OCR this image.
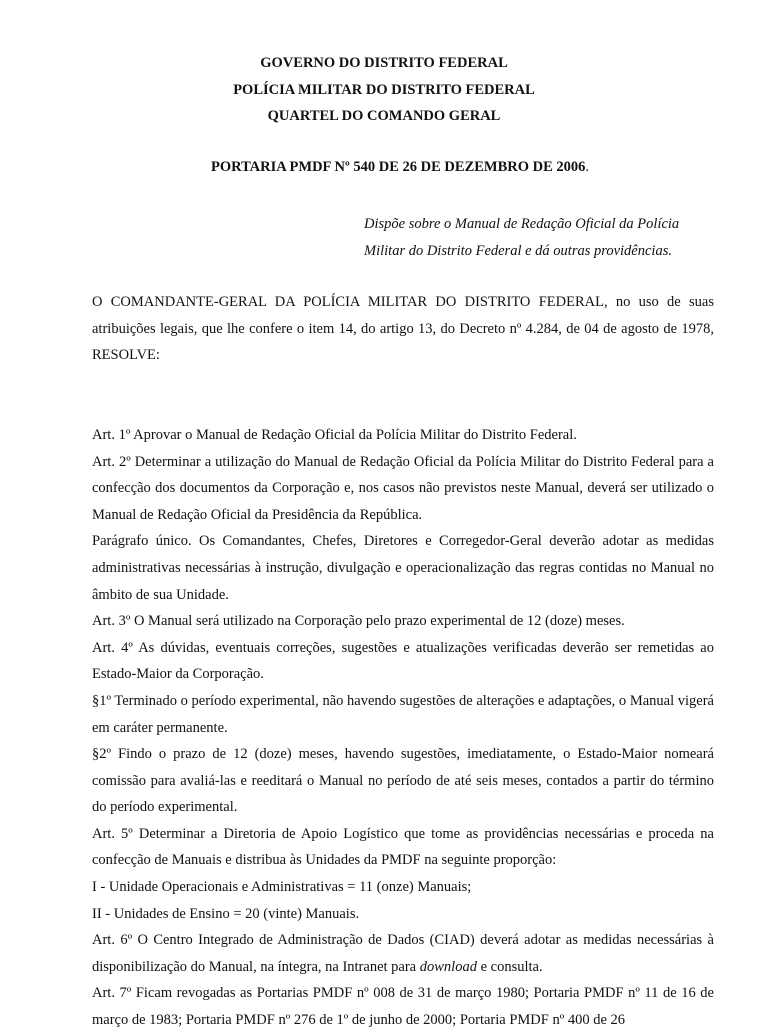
GOVERNO DO DISTRITO FEDERAL
POLÍCIA MILITAR DO DISTRITO FEDERAL
QUARTEL DO COMANDO GERAL
PORTARIA PMDF Nº 540 DE 26 DE DEZEMBRO DE 2006.
Dispõe sobre o Manual de Redação Oficial da Polícia
Militar do Distrito Federal e dá outras providências.

O COMANDANTE-GERAL DA POLÍCIA MILITAR DO DISTRITO FEDERAL, no uso de suas atribuições legais, que lhe confere o item 14, do artigo 13, do Decreto nº 4.284, de 04 de agosto de 1978, RESOLVE:

Art. 1º Aprovar o Manual de Redação Oficial da Polícia Militar do Distrito Federal.

Art. 2º Determinar a utilização do Manual de Redação Oficial da Polícia Militar do Distrito Federal para a confecção dos documentos da Corporação e, nos casos não previstos neste Manual, deverá ser utilizado o Manual de Redação Oficial da Presidência da República.

Parágrafo único. Os Comandantes, Chefes, Diretores e Corregedor-Geral deverão adotar as medidas administrativas necessárias à instrução, divulgação e operacionalização das regras contidas no Manual no âmbito de sua Unidade.

Art. 3º O Manual será utilizado na Corporação pelo prazo experimental de 12 (doze) meses.

Art. 4º As dúvidas, eventuais correções, sugestões e atualizações verificadas deverão ser remetidas ao Estado-Maior da Corporação.

§1º Terminado o período experimental, não havendo sugestões de alterações e adaptações, o Manual vigerá em caráter permanente.

§2º Findo o prazo de 12 (doze) meses, havendo sugestões, imediatamente, o Estado-Maior nomeará comissão para avaliá-las e reeditará o Manual no período de até seis meses, contados a partir do término do período experimental.

Art. 5º Determinar a Diretoria de Apoio Logístico que tome as providências necessárias e proceda na confecção de Manuais e distribua às Unidades da PMDF na seguinte proporção:

I - Unidade Operacionais e Administrativas = 11 (onze) Manuais;

II - Unidades de Ensino = 20 (vinte) Manuais.

Art. 6º O Centro Integrado de Administração de Dados (CIAD) deverá adotar as medidas necessárias à disponibilização do Manual, na íntegra, na Intranet para download e consulta.

Art. 7º Ficam revogadas as Portarias PMDF nº 008 de 31 de março 1980; Portaria PMDF nº 11 de 16 de março de 1983; Portaria PMDF nº 276 de 1º de junho de 2000; Portaria PMDF nº 400 de 26
